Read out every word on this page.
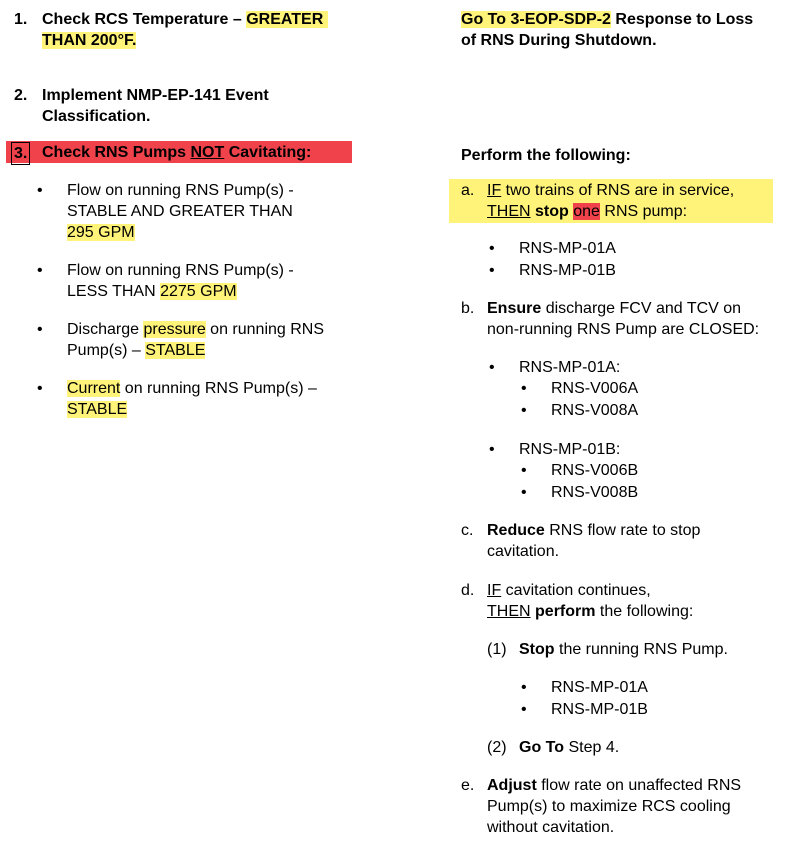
1. Check RCS Temperature – GREATER
THAN 200°F.
2. Implement NMP-EP-141 Event
Classification.
3. Check RNS Pumps NOT Cavitating:
• Flow on running RNS Pump(s) -
STABLE AND GREATER THAN
295 GPM
• Flow on running RNS Pump(s) -
LESS THAN 2275 GPM
• Discharge pressure on running RNS
Pump(s) – STABLE
• Current on running RNS Pump(s) –
STABLE
Go To 3-EOP-SDP-2 Response to Loss
of RNS During Shutdown.
Perform the following:
a. IF two trains of RNS are in service,
THEN stop one RNS pump:
• RNS-MP-01A
• RNS-MP-01B
b. Ensure discharge FCV and TCV on
non-running RNS Pump are CLOSED:
• RNS-MP-01A:
• RNS-V006A
• RNS-V008A
• RNS-MP-01B:
• RNS-V006B
• RNS-V008B
c. Reduce RNS flow rate to stop
cavitation.
d. IF cavitation continues,
THEN perform the following:
(1) Stop the running RNS Pump.
• RNS-MP-01A
• RNS-MP-01B
(2) Go To Step 4.
e. Adjust flow rate on unaffected RNS
Pump(s) to maximize RCS cooling
without cavitation.
